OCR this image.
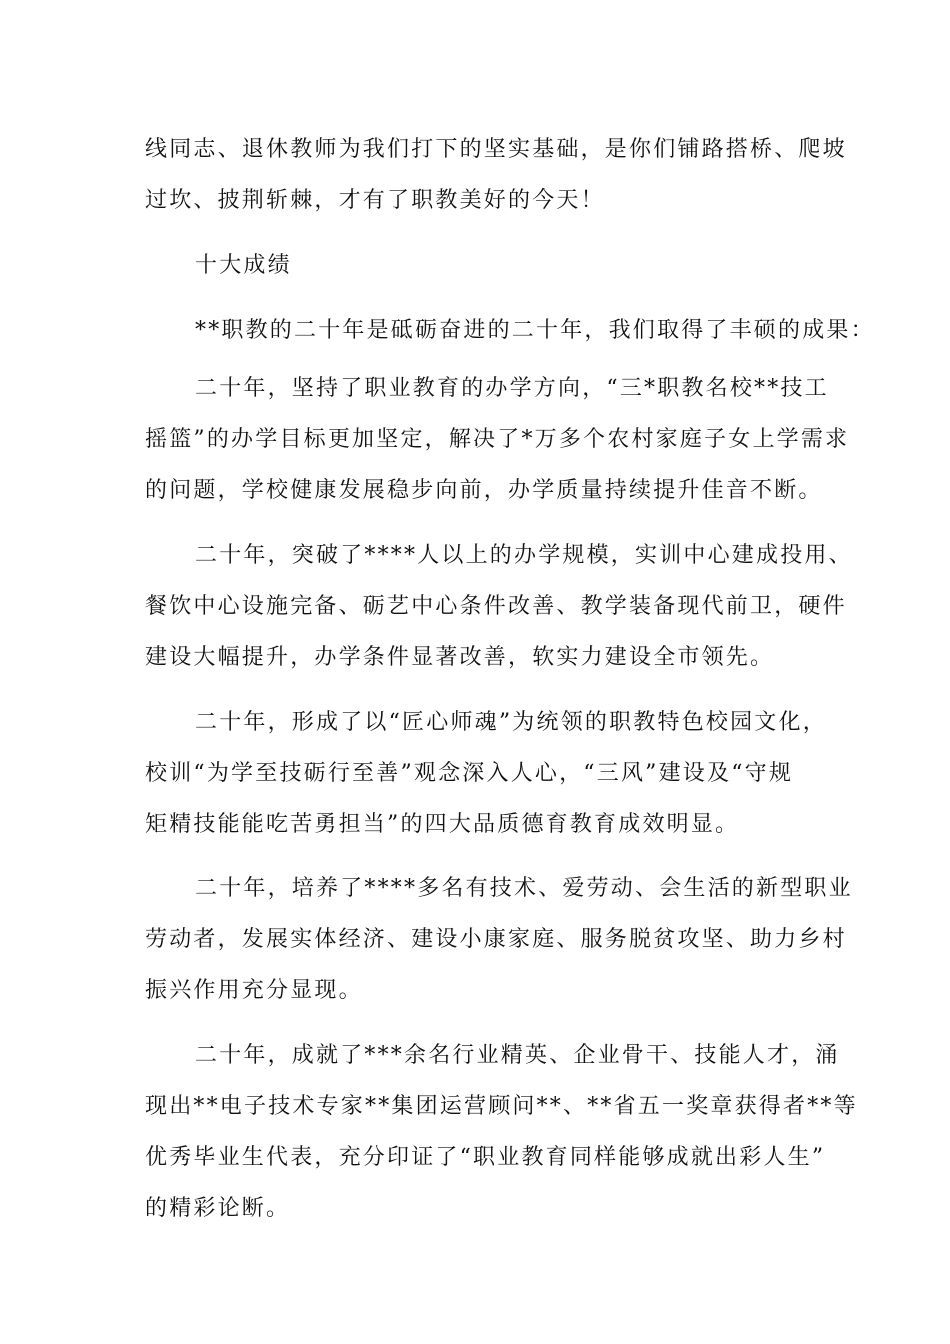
线同志、退休教师为我们打下的坚实基础，是你们铺路搭桥、爬坡
过坎、披荆斩棘，才有了职教美好的今天！
十大成绩
**职教的二十年是砥砺奋进的二十年，我们取得了丰硕的成果：
二十年，坚持了职业教育的办学方向，“三*职教名校**技工
摇篮”的办学目标更加坚定，解决了*万多个农村家庭子女上学需求
的问题，学校健康发展稳步向前，办学质量持续提升佳音不断。
二十年，突破了****人以上的办学规模，实训中心建成投用、
餐饮中心设施完备、砺艺中心条件改善、教学装备现代前卫，硬件
建设大幅提升，办学条件显著改善，软实力建设全市领先。
二十年，形成了以“匠心师魂”为统领的职教特色校园文化，
校训“为学至技砺行至善”观念深入人心，“三风”建设及“守规
矩精技能能吃苦勇担当”的四大品质德育教育成效明显。
二十年，培养了****多名有技术、爱劳动、会生活的新型职业
劳动者，发展实体经济、建设小康家庭、服务脱贫攻坚、助力乡村
振兴作用充分显现。
二十年，成就了***余名行业精英、企业骨干、技能人才，涌
现出**电子技术专家**集团运营顾问**、**省五一奖章获得者**等
优秀毕业生代表，充分印证了“职业教育同样能够成就出彩人生”
的精彩论断。
